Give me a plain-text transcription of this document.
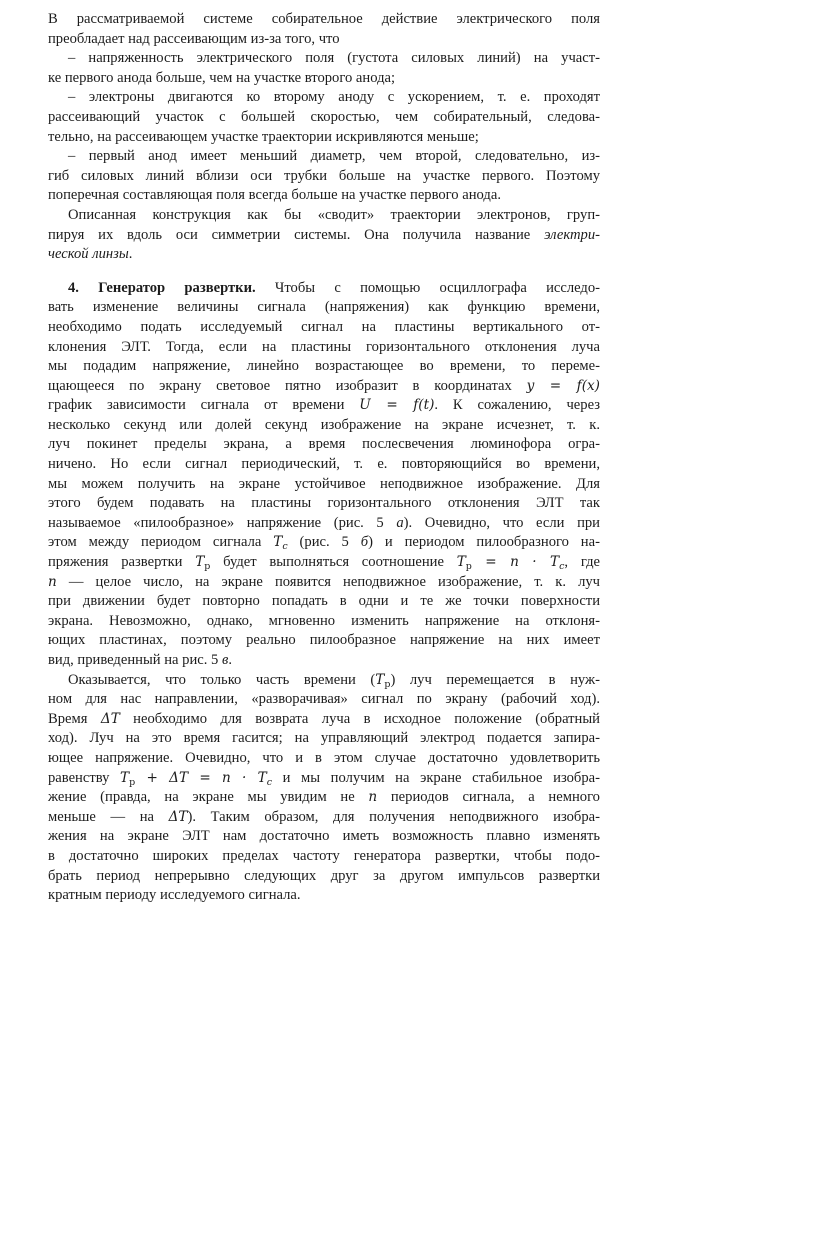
В рассматриваемой системе собирательное действие электрического поля
преобладает над рассеивающим из-за того, что
– напряженность электрического поля (густота силовых линий) на участ-
ке первого анода больше, чем на участке второго анода;
– электроны двигаются ко второму аноду с ускорением, т. е. проходят
рассеивающий участок с большей скоростью, чем собирательный, следова-
тельно, на рассеивающем участке траектории искривляются меньше;
– первый анод имеет меньший диаметр, чем второй, следовательно, из-
гиб силовых линий вблизи оси трубки больше на участке первого. Поэтому
поперечная составляющая поля всегда больше на участке первого анода.
Описанная конструкция как бы «сводит» траектории электронов, груп-
пируя их вдоль оси симметрии системы. Она получила название электри-
ческой линзы.
4. Генератор развертки. Чтобы с помощью осциллографа исследо-
вать изменение величины сигнала (напряжения) как функцию времени,
необходимо подать исследуемый сигнал на пластины вертикального от-
клонения ЭЛТ. Тогда, если на пластины горизонтального отклонения луча
мы подадим напряжение, линейно возрастающее во времени, то переме-
щающееся по экрану световое пятно изобразит в координатах y = f(x)
график зависимости сигнала от времени U = f(t). К сожалению, через
несколько секунд или долей секунд изображение на экране исчезнет, т. к.
луч покинет пределы экрана, а время послесвечения люминофора огра-
ничено. Но если сигнал периодический, т. е. повторяющийся во времени,
мы можем получить на экране устойчивое неподвижное изображение. Для
этого будем подавать на пластины горизонтального отклонения ЭЛТ так
называемое «пилообразное» напряжение (рис. 5 а). Очевидно, что если при
этом между периодом сигнала $T_c$ (рис. 5 б) и периодом пилообразного на-
пряжения развертки $T_p$ будет выполняться соотношение $T_p = n \cdot T_c$, где
n — целое число, на экране появится неподвижное изображение, т. к. луч
при движении будет повторно попадать в одни и те же точки поверхности
экрана. Невозможно, однако, мгновенно изменить напряжение на отклоня-
ющих пластинах, поэтому реально пилообразное напряжение на них имеет
вид, приведенный на рис. 5 в.
Оказывается, что только часть времени $(T_p)$ луч перемещается в нуж-
ном для нас направлении, «разворачивая» сигнал по экрану (рабочий ход).
Время ΔT необходимо для возврата луча в исходное положение (обратный
ход). Луч на это время гасится; на управляющий электрод подается запира-
ющее напряжение. Очевидно, что и в этом случае достаточно удовлетворить
равенству $T_p + \Delta T = n \cdot T_c$ и мы получим на экране стабильное изобра-
жение (правда, на экране мы увидим не n периодов сигнала, а немного
меньше — на ΔT). Таким образом, для получения неподвижного изобра-
жения на экране ЭЛТ нам достаточно иметь возможность плавно изменять
в достаточно широких пределах частоту генератора развертки, чтобы подо-
брать период непрерывно следующих друг за другом импульсов развертки
кратным периоду исследуемого сигнала.
